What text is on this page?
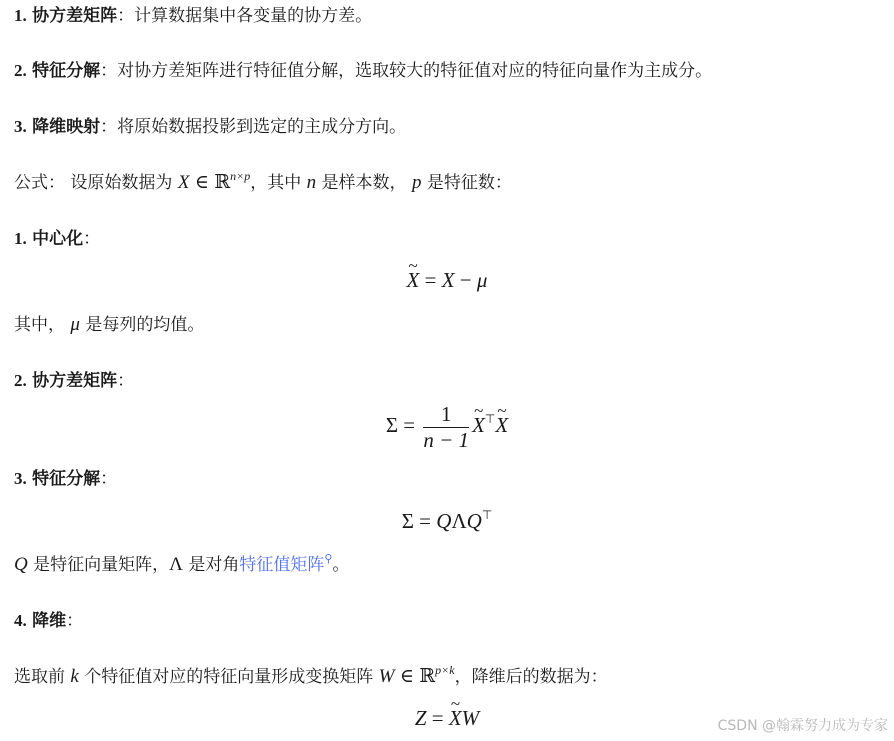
1. 协方差矩阵：计算数据集中各变量的协方差。
2. 特征分解：对协方差矩阵进行特征值分解，选取较大的特征值对应的特征向量作为主成分。
3. 降维映射：将原始数据投影到选定的主成分方向。
公式： 设原始数据为 X ∈ ℝ$^{n\times p}$，其中 n 是样本数， p 是特征数：
1. 中心化：
~ X = X − μ
其中， μ 是每列的均值。
2. 协方差矩阵：
$\Sigma = \frac{1}{n - 1}$ ~ X⊤~ X
3. 特征分解：
Σ = QΛQ⊤
Q 是特征向量矩阵，Λ 是对角特征值矩阵⚲。
4. 降维：
选取前 k 个特征值对应的特征向量形成变换矩阵 W ∈ ℝ$^{p\times k}$，降维后的数据为：
Z = ~ XW	CSDN @翰霖努力成为专家
